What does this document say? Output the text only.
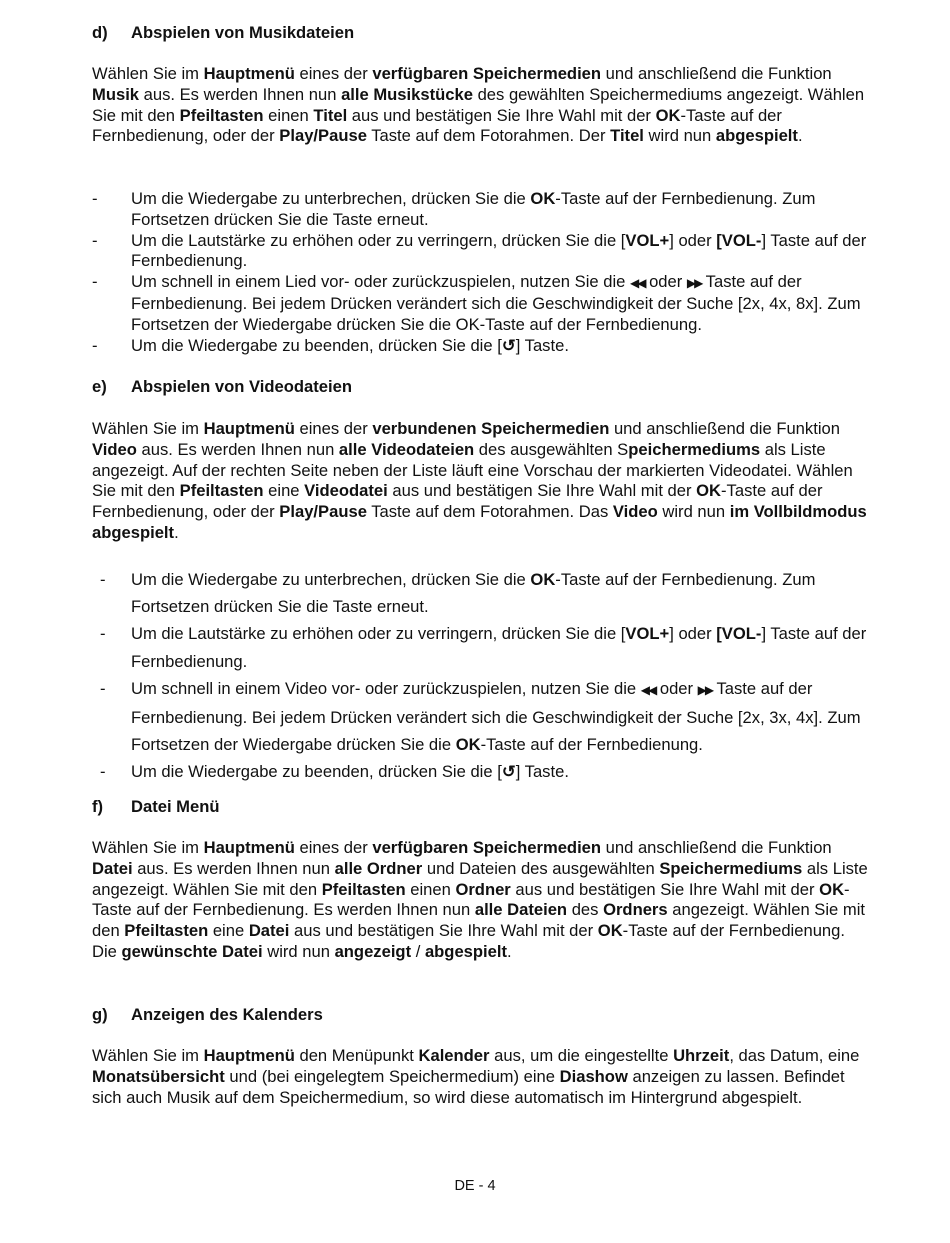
d) Abspielen von Musikdateien
Wählen Sie im Hauptmenü eines der verfügbaren Speichermedien und anschließend die Funktion Musik aus. Es werden Ihnen nun alle Musikstücke des gewählten Speichermediums angezeigt. Wählen Sie mit den Pfeiltasten einen Titel aus und bestätigen Sie Ihre Wahl mit der OK-Taste auf der Fernbedienung, oder der Play/Pause Taste auf dem Fotorahmen. Der Titel wird nun abgespielt.
- Um die Wiedergabe zu unterbrechen, drücken Sie die OK-Taste auf der Fernbedienung. Zum Fortsetzen drücken Sie die Taste erneut.
- Um die Lautstärke zu erhöhen oder zu verringern, drücken Sie die [VOL+] oder [VOL-] Taste auf der Fernbedienung.
- Um schnell in einem Lied vor- oder zurückzuspielen, nutzen Sie die ◀◀ oder ▶▶ Taste auf der Fernbedienung. Bei jedem Drücken verändert sich die Geschwindigkeit der Suche [2x, 4x, 8x]. Zum Fortsetzen der Wiedergabe drücken Sie die OK-Taste auf der Fernbedienung.
- Um die Wiedergabe zu beenden, drücken Sie die [↺] Taste.
e) Abspielen von Videodateien
Wählen Sie im Hauptmenü eines der verbundenen Speichermedien und anschließend die Funktion Video aus. Es werden Ihnen nun alle Videodateien des ausgewählten Speichermediums als Liste angezeigt. Auf der rechten Seite neben der Liste läuft eine Vorschau der markierten Videodatei. Wählen Sie mit den Pfeiltasten eine Videodatei aus und bestätigen Sie Ihre Wahl mit der OK-Taste auf der Fernbedienung, oder der Play/Pause Taste auf dem Fotorahmen. Das Video wird nun im Vollbildmodus abgespielt.
- Um die Wiedergabe zu unterbrechen, drücken Sie die OK-Taste auf der Fernbedienung. Zum Fortsetzen drücken Sie die Taste erneut.
- Um die Lautstärke zu erhöhen oder zu verringern, drücken Sie die [VOL+] oder [VOL-] Taste auf der Fernbedienung.
- Um schnell in einem Video vor- oder zurückzuspielen, nutzen Sie die ◀◀ oder ▶▶ Taste auf der Fernbedienung. Bei jedem Drücken verändert sich die Geschwindigkeit der Suche [2x, 3x, 4x]. Zum Fortsetzen der Wiedergabe drücken Sie die OK-Taste auf der Fernbedienung.
- Um die Wiedergabe zu beenden, drücken Sie die [↺] Taste.
f) Datei Menü
Wählen Sie im Hauptmenü eines der verfügbaren Speichermedien und anschließend die Funktion Datei aus. Es werden Ihnen nun alle Ordner und Dateien des ausgewählten Speichermediums als Liste angezeigt. Wählen Sie mit den Pfeiltasten einen Ordner aus und bestätigen Sie Ihre Wahl mit der OK-Taste auf der Fernbedienung. Es werden Ihnen nun alle Dateien des Ordners angezeigt. Wählen Sie mit den Pfeiltasten eine Datei aus und bestätigen Sie Ihre Wahl mit der OK-Taste auf der Fernbedienung. Die gewünschte Datei wird nun angezeigt / abgespielt.
g) Anzeigen des Kalenders
Wählen Sie im Hauptmenü den Menüpunkt Kalender aus, um die eingestellte Uhrzeit, das Datum, eine Monatsübersicht und (bei eingelegtem Speichermedium) eine Diashow anzeigen zu lassen. Befindet sich auch Musik auf dem Speichermedium, so wird diese automatisch im Hintergrund abgespielt.
DE - 4
